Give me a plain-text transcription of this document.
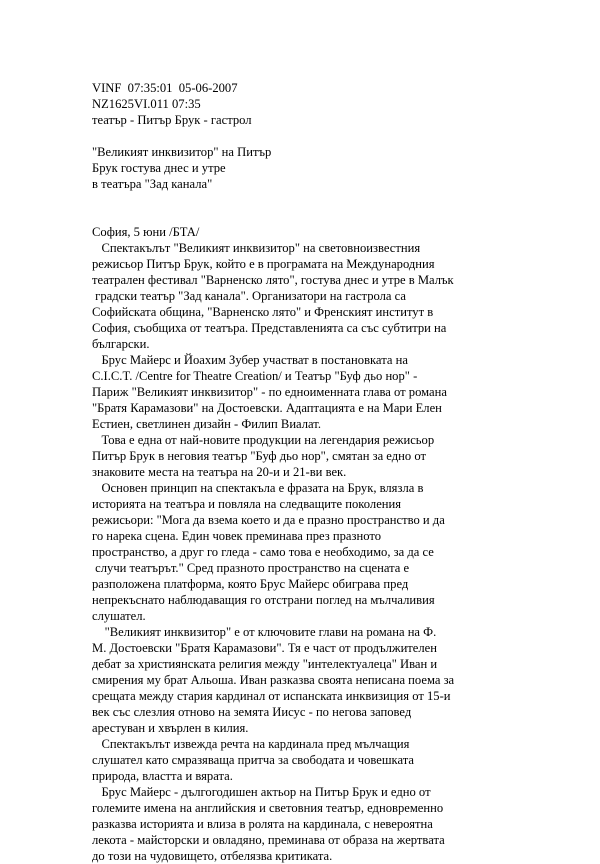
VINF  07:35:01  05-06-2007
NZ1625VI.011 07:35
театър - Питър Брук - гастрол
"Великият инквизитор" на Питър
Брук гостува днес и утре
в театъра "Зад канала"
София, 5 юни /БТА/
Спектакълът "Великият инквизитор" на световноизвестния
режисьор Питър Брук, който е в програмата на Международния
театрален фестивал "Варненско лято", гостува днес и утре в Малък
градски театър "Зад канала". Организатори на гастрола са
Софийската община, "Варненско лято" и Френският институт в
София, съобщиха от театъра. Представленията са със субтитри на
български.
Брус Майерс и Йоахим Зубер участват в постановката на
C.I.C.T. /Centre for Theatre Creation/ и Театър "Буф дьо нор" -
Париж "Великият инквизитор" - по едноименната глава от романа
"Братя Карамазови" на Достоевски. Адаптацията е на Мари Елен
Естиен, светлинен дизайн - Филип Виалат.
Това е една от най-новите продукции на легендария режисьор
Питър Брук в неговия театър "Буф дьо нор", смятан за едно от
знаковите места на театъра на 20-и и 21-ви век.
Основен принцип на спектакъла е фразата на Брук, влязла в
историята на театъра и повляла на следващите поколения
режисьори: "Мога да взема което и да е празно пространство и да
го нарека сцена. Един човек преминава през празното
пространство, а друг го гледа - само това е необходимо, за да се
случи театърът." Сред празното пространство на сцената е
разположена платформа, която Брус Майерс обиграва пред
непрекъснато наблюдаващия го отстрани поглед на мълчаливия
слушател.
"Великият инквизитор" е от ключовите глави на романа на Ф.
М. Достоевски "Братя Карамазови". Тя е част от продължителен
дебат за християнската религия между "интелектуалеца" Иван и
смирения му брат Альоша. Иван разказва своята неписана поема за
срещата между стария кардинал от испанската инквизиция от 15-и
век със слезлия отново на земята Иисус - по негова заповед
арестуван и хвърлен в килия.
Спектакълът извежда речта на кардинала пред мълчащия
слушател като смразяваща притча за свободата и човешката
природа, властта и вярата.
Брус Майерс - дългогодишен актьор на Питър Брук и едно от
големите имена на английския и световния театър, едновременно
разказва историята и влиза в ролята на кардинала, с невероятна
лекота - майсторски и овладяно, преминава от образа на жертвата
до този на чудовището, отбелязва критиката.
